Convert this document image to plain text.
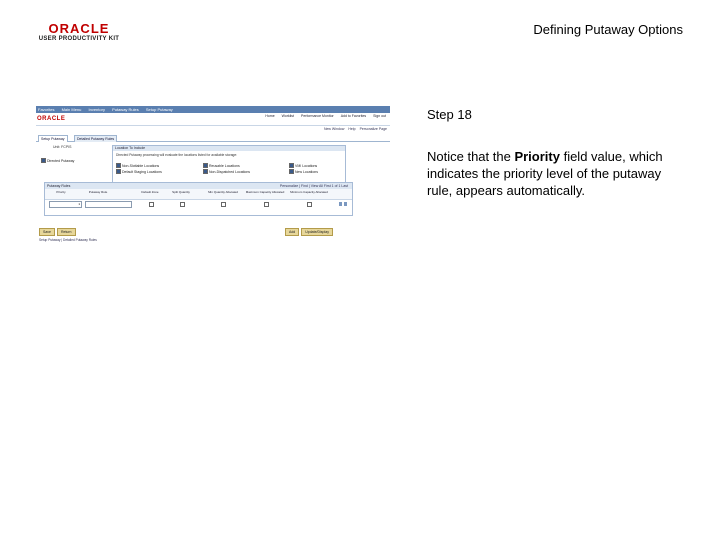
ORACLE
USER PRODUCTIVITY KIT
Defining Putaway Options
Step 18
Notice that the Priority field value, which indicates the priority level of the putaway rule, appears automatically.
Favorites Main Menu Inventory Putaway Rules Setup Putaway
ORACLE	Home Worklist Performance Monitor Add to Favorites Sign out
New Window Help Personalize Page
Setup Putaway	Detailed Putaway Rules
Unit: FCPIS
Directed Putaway
Location To Include
Directed Putaway processing will evaluate the locations listed for available storage:
Non-Slottable Locations
Default Staging Locations
Reusable Locations
Non-Dispatched Locations
VMI Locations
New Locations
Putaway Rules	Personalize | Find | View All First 1 of 1 Last
Priority	Putaway Rule	Default Zone	Split Quantity	Min Quantity Allocated	Maximum Capacity Allocated	Minimum Capacity Allocated
1
Save	Return	Add	Update/Display
Setup Putaway | Detailed Putaway Rules
